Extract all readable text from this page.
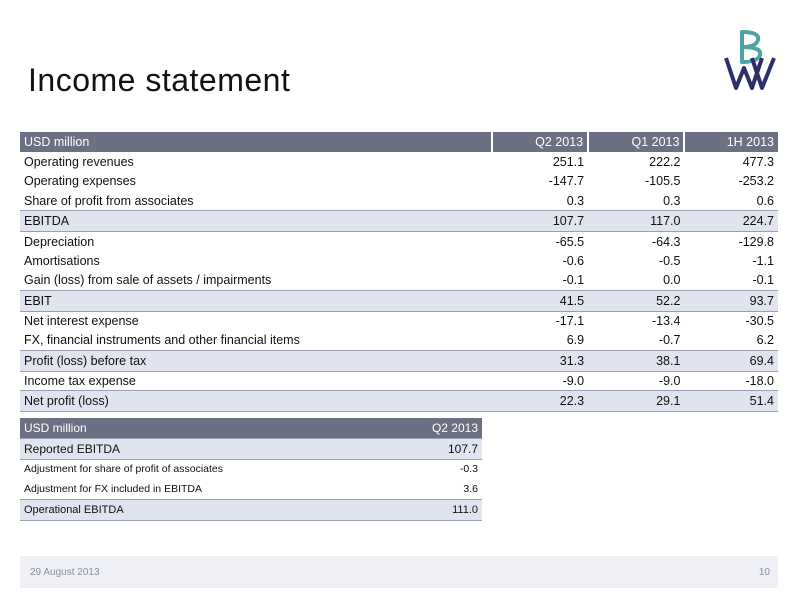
Income statement
USD million	Q2 2013	Q1 2013	1H 2013
Operating revenues	251.1	222.2	477.3
Operating expenses	-147.7	-105.5	-253.2
Share of profit from associates	0.3	0.3	0.6
EBITDA	107.7	117.0	224.7
Depreciation	-65.5	-64.3	-129.8
Amortisations	-0.6	-0.5	-1.1
Gain (loss) from sale of assets / impairments	-0.1	0.0	-0.1
EBIT	41.5	52.2	93.7
Net interest expense	-17.1	-13.4	-30.5
FX, financial instruments and other financial items	6.9	-0.7	6.2
Profit (loss) before tax	31.3	38.1	69.4
Income tax expense	-9.0	-9.0	-18.0
Net profit (loss)	22.3	29.1	51.4
USD million	Q2 2013
Reported EBITDA	107.7
Adjustment for share of profit of associates	-0.3
Adjustment for FX included in EBITDA	3.6
Operational EBITDA	111.0
29 August 2013	10
